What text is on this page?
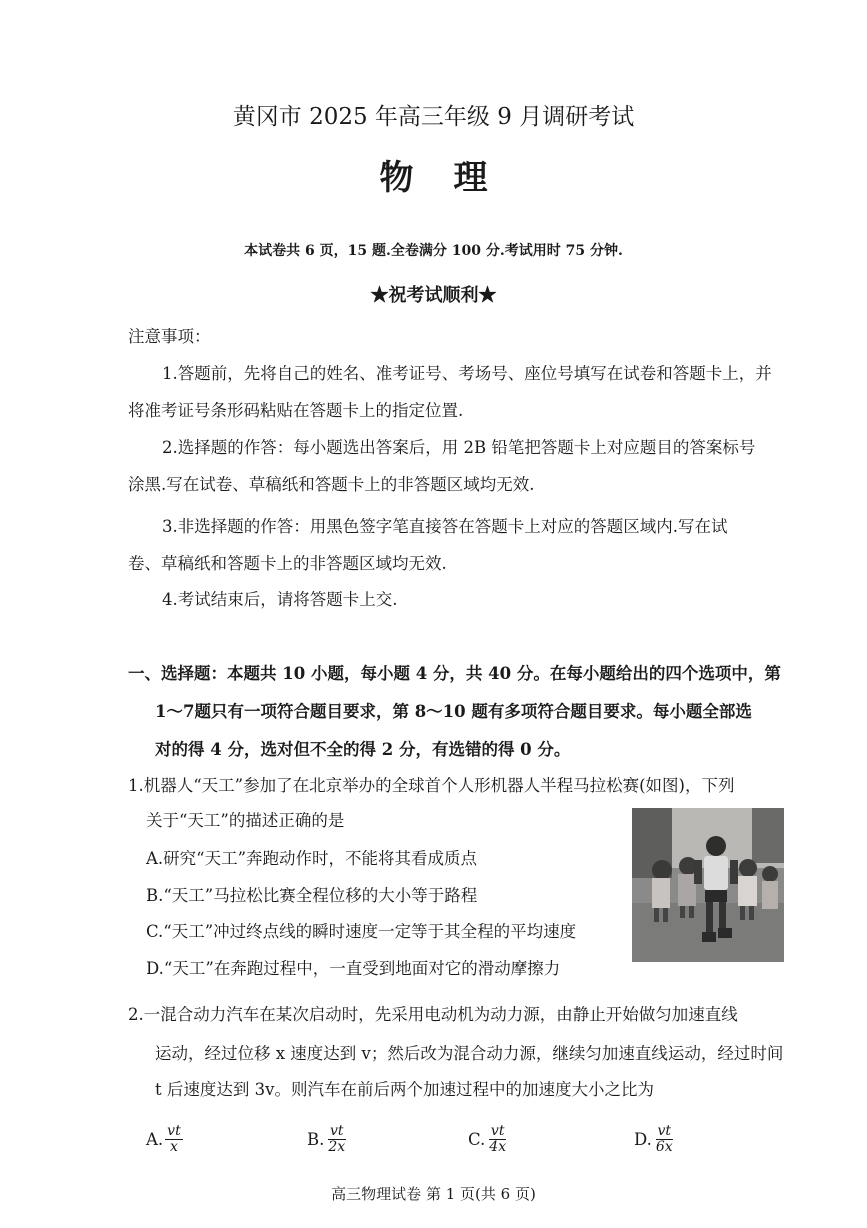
黄冈市 2025 年高三年级 9 月调研考试
物理
本试卷共 6 页，15 题.全卷满分 100 分.考试用时 75 分钟.
★祝考试顺利★
注意事项：
1.答题前，先将自己的姓名、准考证号、考场号、座位号填写在试卷和答题卡上，并
将准考证号条形码粘贴在答题卡上的指定位置.
2.选择题的作答：每小题选出答案后，用 2B 铅笔把答题卡上对应题目的答案标号
涂黑.写在试卷、草稿纸和答题卡上的非答题区域均无效.
3.非选择题的作答：用黑色签字笔直接答在答题卡上对应的答题区域内.写在试
卷、草稿纸和答题卡上的非答题区域均无效.
4.考试结束后，请将答题卡上交.
一、选择题：本题共 10 小题，每小题 4 分，共 40 分。在每小题给出的四个选项中，第
1～7题只有一项符合题目要求，第 8～10 题有多项符合题目要求。每小题全部选
对的得 4 分，选对但不全的得 2 分，有选错的得 0 分。
1.机器人“天工”参加了在北京举办的全球首个人形机器人半程马拉松赛(如图)，下列
关于“天工”的描述正确的是
A.研究“天工”奔跑动作时，不能将其看成质点
B.“天工”马拉松比赛全程位移的大小等于路程
C.“天工”冲过终点线的瞬时速度一定等于其全程的平均速度
D.“天工”在奔跑过程中，一直受到地面对它的滑动摩擦力
2.一混合动力汽车在某次启动时，先采用电动机为动力源，由静止开始做匀加速直线
运动，经过位移 x 速度达到 v；然后改为混合动力源，继续匀加速直线运动，经过时间
t 后速度达到 3v。则汽车在前后两个加速过程中的加速度大小之比为
A. $\frac{vt}{x}$	B. $\frac{vt}{2x}$	C. $\frac{vt}{4x}$	D. $\frac{vt}{6x}$
高三物理试卷 第 1 页(共 6 页)
